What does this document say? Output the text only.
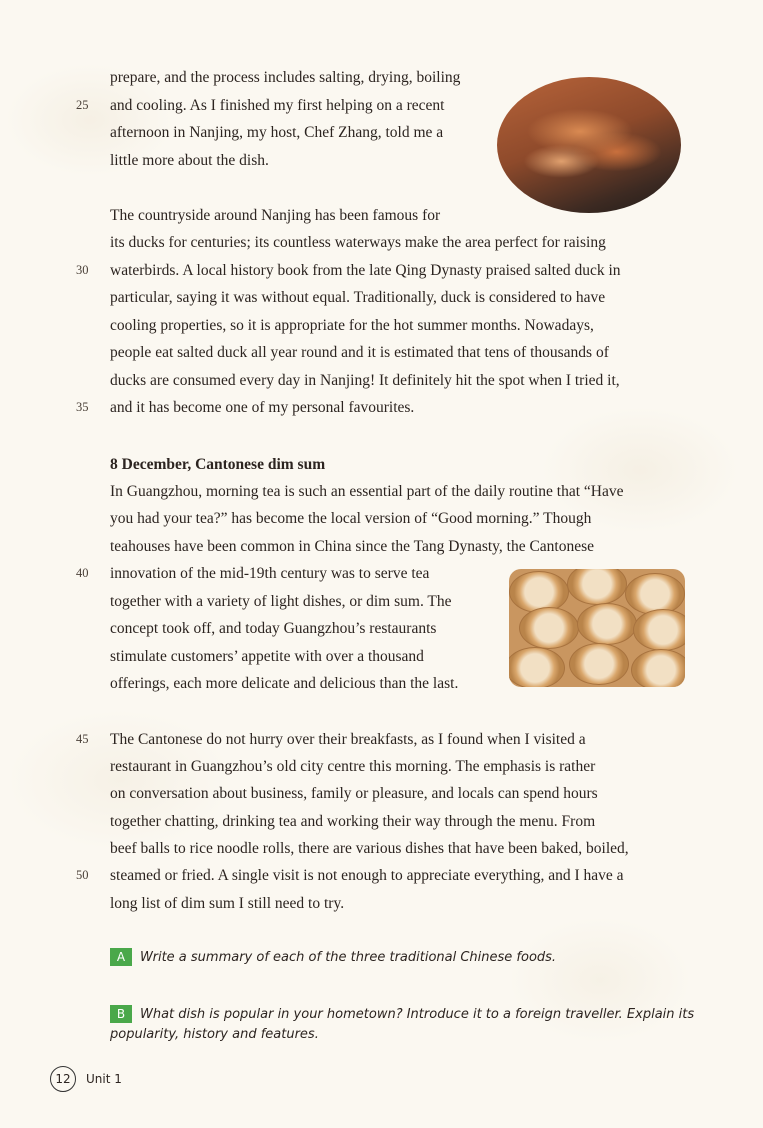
prepare, and the process includes salting, drying, boiling
and cooling. As I finished my first helping on a recent
afternoon in Nanjing, my host, Chef Zhang, told me a
little more about the dish.
25
The countryside around Nanjing has been famous for
its ducks for centuries; its countless waterways make the area perfect for raising
waterbirds. A local history book from the late Qing Dynasty praised salted duck in
particular, saying it was without equal. Traditionally, duck is considered to have
cooling properties, so it is appropriate for the hot summer months. Nowadays,
people eat salted duck all year round and it is estimated that tens of thousands of
ducks are consumed every day in Nanjing! It definitely hit the spot when I tried it,
and it has become one of my personal favourites.
30
35
8 December, Cantonese dim sum
In Guangzhou, morning tea is such an essential part of the daily routine that “Have
you had your tea?” has become the local version of “Good morning.” Though
teahouses have been common in China since the Tang Dynasty, the Cantonese
innovation of the mid-19th century was to serve tea
together with a variety of light dishes, or dim sum. The
concept took off, and today Guangzhou’s restaurants
stimulate customers’ appetite with over a thousand
offerings, each more delicate and delicious than the last.
40
The Cantonese do not hurry over their breakfasts, as I found when I visited a
restaurant in Guangzhou’s old city centre this morning. The emphasis is rather
on conversation about business, family or pleasure, and locals can spend hours
together chatting, drinking tea and working their way through the menu. From
beef balls to rice noodle rolls, there are various dishes that have been baked, boiled,
steamed or fried. A single visit is not enough to appreciate everything, and I have a
long list of dim sum I still need to try.
45
50
A Write a summary of each of the three traditional Chinese foods.
B What dish is popular in your hometown? Introduce it to a foreign traveller. Explain its
popularity, history and features.
12	Unit 1
